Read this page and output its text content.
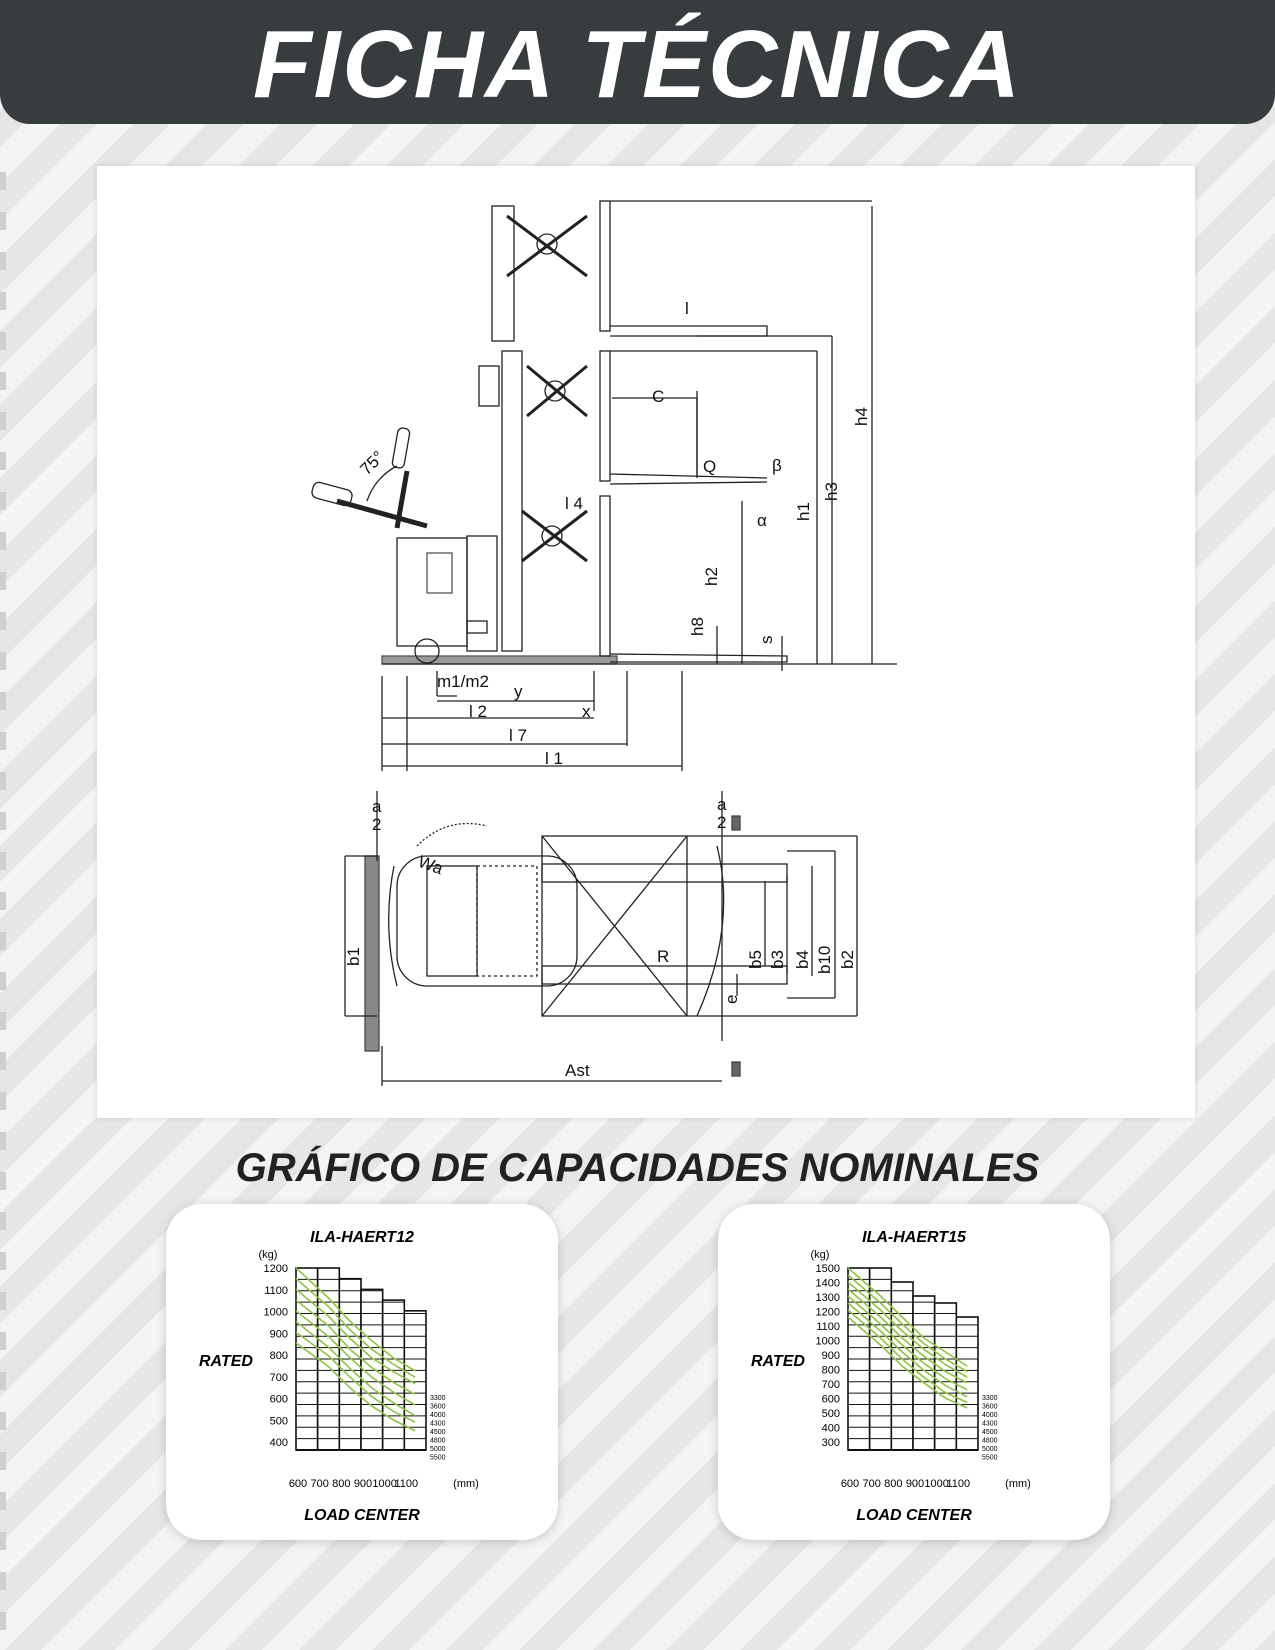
FICHA TÉCNICA
l
C
Q
l 4
α
β
75°
h2
h1
h3
h4
h8
s
m1/m2
y
x
l 2
l 7
l 1
a
2
a
2
Wa
b1	R
e
b5 b3 b4 b10 b2
Ast
GRÁFICO DE CAPACIDADES NOMINALES
ILA-HAERT12
(kg)
RATED
LOAD CENTER
(mm)
1200
1100
1000
900
800
700
600
500
400
600 700 800 900 1000
1100
3300
3600
4000
4300
4500
4800
5000
5500
ILA-HAERT15
(kg)
RATED
LOAD CENTER
(mm)
1500
1400
1300
1200
1100
1000
900
800
700
600
500
400
300
600 700 800 900 1000
1100
3300
3600
4000
4300
4500
4800
5000
5500
